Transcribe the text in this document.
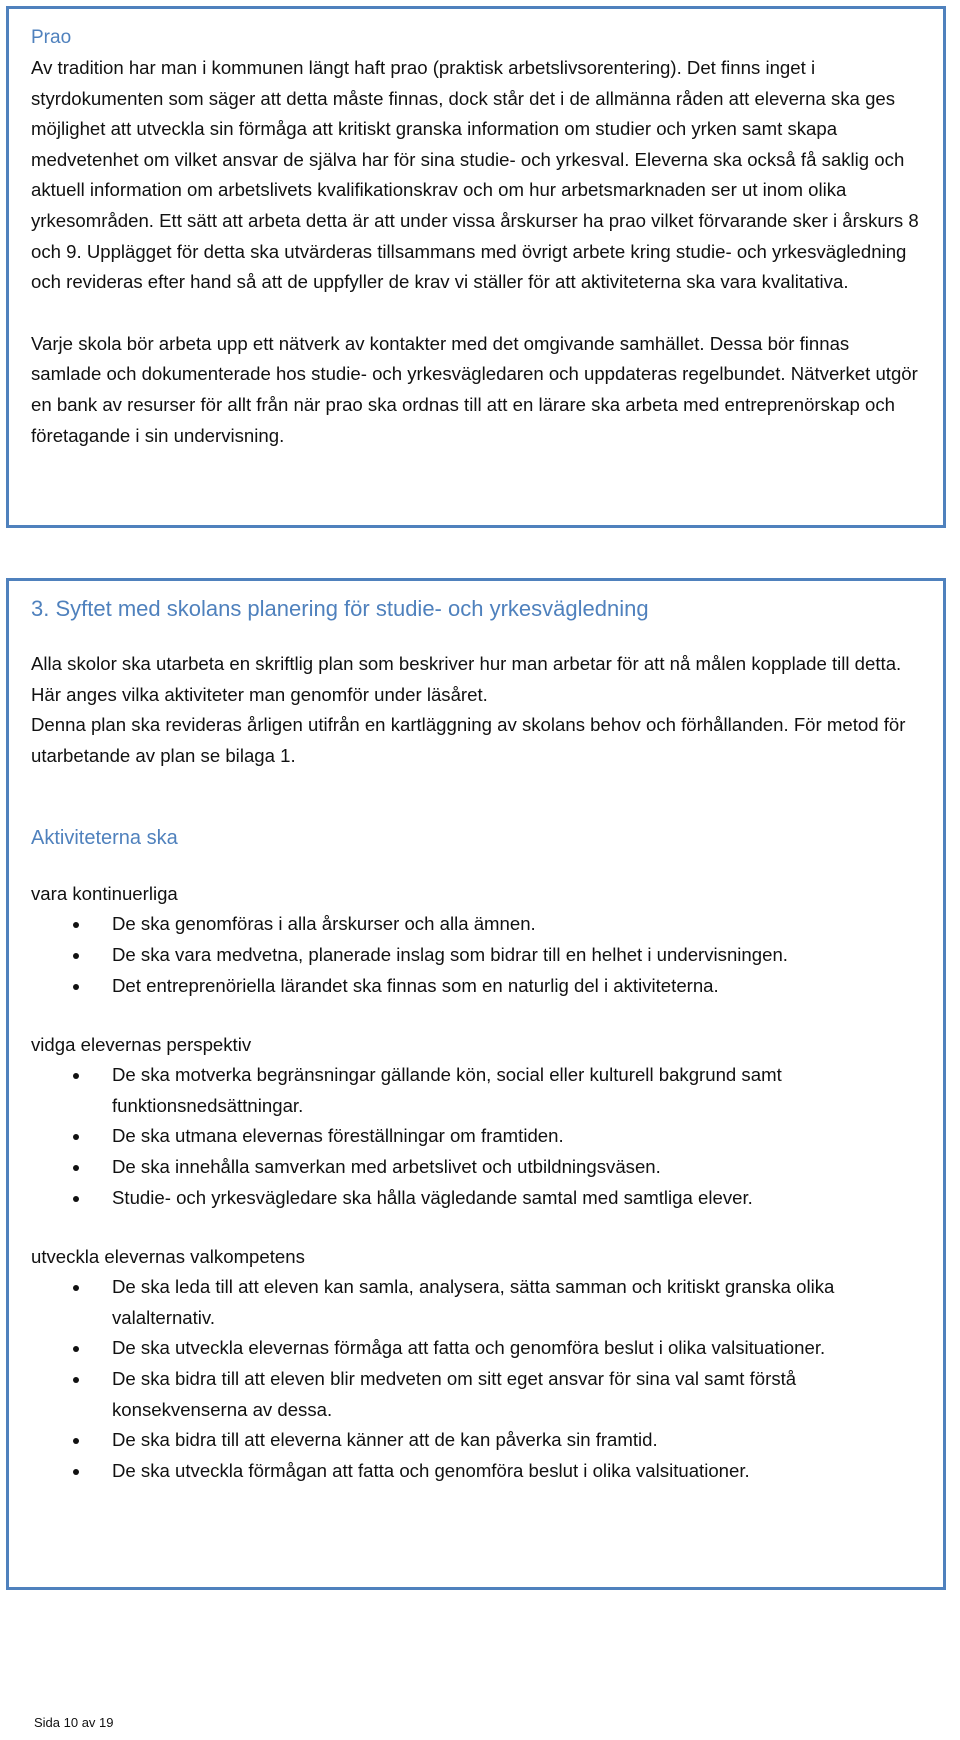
Prao

Av tradition har man i kommunen längt haft prao (praktisk arbetslivsorentering). Det finns inget i styrdokumenten som säger att detta måste finnas, dock står det i de allmänna råden att eleverna ska ges möjlighet att utveckla sin förmåga att kritiskt granska information om studier och yrken samt skapa medvetenhet om vilket ansvar de själva har för sina studie- och yrkesval. Eleverna ska också få saklig och aktuell information om arbetslivets kvalifikationskrav och om hur arbetsmarknaden ser ut inom olika yrkesområden. Ett sätt att arbeta detta är att under vissa årskurser ha prao vilket förvarande sker i årskurs 8 och 9. Upplägget för detta ska utvärderas tillsammans med övrigt arbete kring studie- och yrkesvägledning och revideras efter hand så att de uppfyller de krav vi ställer för att aktiviteterna ska vara kvalitativa.

Varje skola bör arbeta upp ett nätverk av kontakter med det omgivande samhället. Dessa bör finnas samlade och dokumenterade hos studie- och yrkesvägledaren och uppdateras regelbundet. Nätverket utgör en bank av resurser för allt från när prao ska ordnas till att en lärare ska arbeta med entreprenörskap och företagande i sin undervisning.

3. Syftet med skolans planering för studie- och yrkesvägledning

Alla skolor ska utarbeta en skriftlig plan som beskriver hur man arbetar för att nå målen kopplade till detta. Här anges vilka aktiviteter man genomför under läsåret.

Denna plan ska revideras årligen utifrån en kartläggning av skolans behov och förhållanden. För metod för utarbetande av plan se bilaga 1.

Aktiviteterna ska

vara kontinuerliga

De ska genomföras i alla årskurser och alla ämnen.
De ska vara medvetna, planerade inslag som bidrar till en helhet i undervisningen.
Det entreprenöriella lärandet ska finnas som en naturlig del i aktiviteterna.

vidga elevernas perspektiv

De ska motverka begränsningar gällande kön, social eller kulturell bakgrund samt funktionsnedsättningar.
De ska utmana elevernas föreställningar om framtiden.
De ska innehålla samverkan med arbetslivet och utbildningsväsen.
Studie- och yrkesvägledare ska hålla vägledande samtal med samtliga elever.

utveckla elevernas valkompetens

De ska leda till att eleven kan samla, analysera, sätta samman och kritiskt granska olika valalternativ.
De ska utveckla elevernas förmåga att fatta och genomföra beslut i olika valsituationer.
De ska bidra till att eleven blir medveten om sitt eget ansvar för sina val samt förstå konsekvenserna av dessa.
De ska bidra till att eleverna känner att de kan påverka sin framtid.
De ska utveckla förmågan att fatta och genomföra beslut i olika valsituationer.
Sida 10 av 19
